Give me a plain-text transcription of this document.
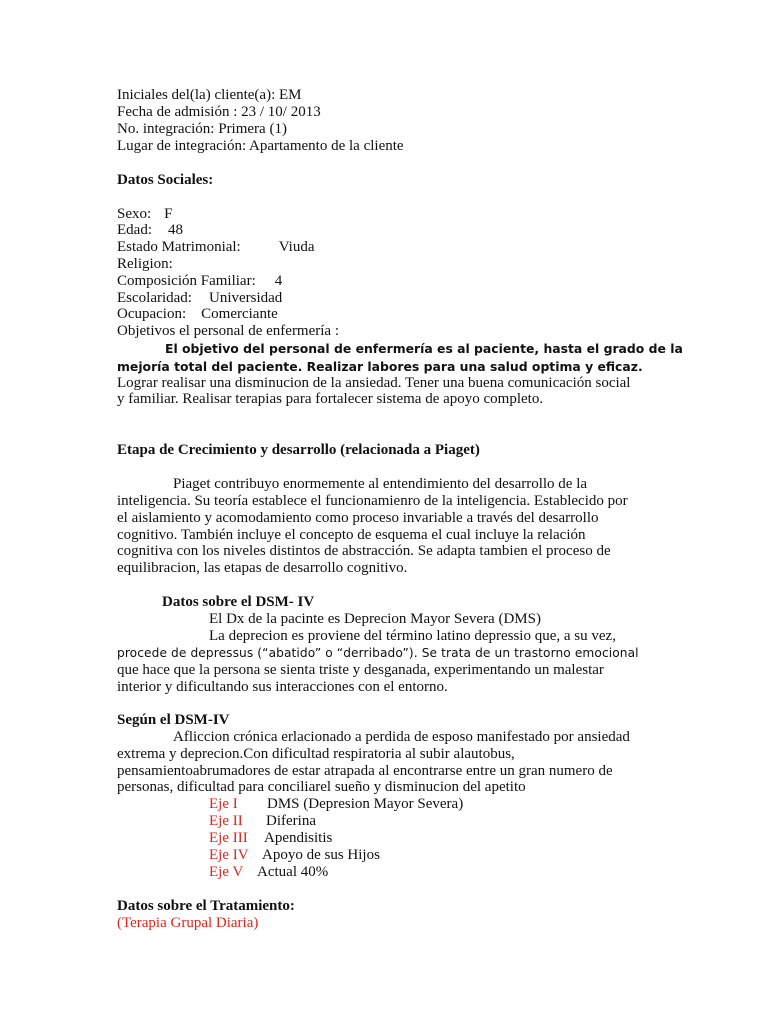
Iniciales del(la) cliente(a): EM
Fecha de admisión : 23 / 10/ 2013
No. integración: Primera (1)
Lugar de integración: Apartamento de la cliente
Datos Sociales:
Sexo: F
Edad: 48
Estado Matrimonial:	Viuda
Religion:
Composición Familiar: 4
Escolaridad: Universidad
Ocupacion: Comerciante
Objetivos el personal de enfermería :
El objetivo del personal de enfermería es al paciente, hasta el grado de la
mejoría total del paciente. Realizar labores para una salud optima y eficaz.
Lograr realisar una disminucion de la ansiedad. Tener una buena comunicación social
y familiar. Realisar terapias para fortalecer sistema de apoyo completo.
Etapa de Crecimiento y desarrollo (relacionada a Piaget)
Piaget contribuyo enormemente al entendimiento del desarrollo de la
inteligencia. Su teoría establece el funcionamienro de la inteligencia. Establecido por
el aislamiento y acomodamiento como proceso invariable a través del desarrollo
cognitivo. También incluye el concepto de esquema el cual incluye la relación
cognitiva con los niveles distintos de abstracción. Se adapta tambien el proceso de
equilibracion, las etapas de desarrollo cognitivo.
Datos sobre el DSM- IV
El Dx de la pacinte es Deprecion Mayor Severa (DMS)
La deprecion es proviene del término latino depressio que, a su vez,
procede de depressus (“abatido” o “derribado”). Se trata de un trastorno emocional
que hace que la persona se sienta triste y desganada, experimentando un malestar
interior y dificultando sus interacciones con el entorno.
Según el DSM-IV
Afliccion crónica erlacionado a perdida de esposo manifestado por ansiedad
extrema y deprecion.Con dificultad respiratoria al subir alautobus,
pensamientoabrumadores de estar atrapada al encontrarse entre un gran numero de
personas, dificultad para conciliarel sueño y disminucion del apetito
Eje I DMS (Depresion Mayor Severa)
Eje II Diferina
Eje III Apendisitis
Eje IV Apoyo de sus Hijos
Eje V Actual 40%
Datos sobre el Tratamiento:
(Terapia Grupal Diaria)
